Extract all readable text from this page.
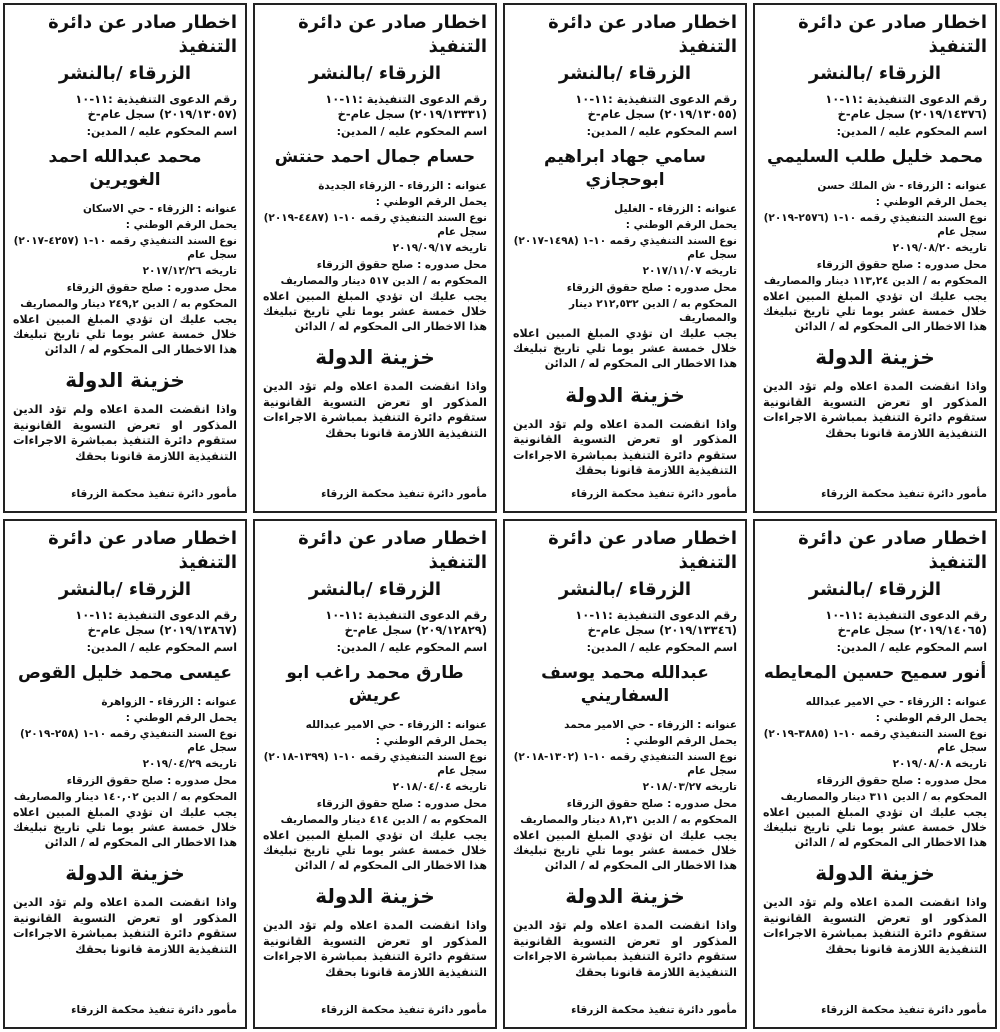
اخطار صادر عن دائرة التنفيذ
الزرقاء /بالنشر
رقم الدعوى التنفيذية :١١-١٠ (٢٠١٩/١٣٠٥٧) سجل عام-خ
اسم المحكوم عليه / المدين:
محمد عبدالله احمد الغويرين
عنوانه : الزرقاء - حي الاسكان
يحمل الرقم الوطني :
نوع السند التنفيذي رقمه ١٠-١ (٤٢٥٧-٢٠١٧) سجل عام
تاريخه ٢٠١٧/١٢/٢٦
محل صدوره : صلح حقوق الزرقاء
المحكوم به / الدين ٢٤٩,٢ دينار والمصاريف
يجب عليك ان تؤدي المبلغ المبين اعلاه خلال خمسة عشر يوما تلي تاريخ تبليغك هذا الاخطار الى المحكوم له / الدائن
خزينة الدولة
واذا انقضت المدة اعلاه ولم تؤد الدين المذكور او تعرض التسوية القانونية ستقوم دائرة التنفيذ بمباشرة الاجراءات التنفيذية اللازمة قانونا بحقك
مأمور دائرة تنفيذ محكمة الزرقاء
اخطار صادر عن دائرة التنفيذ
الزرقاء /بالنشر
رقم الدعوى التنفيذية :١١-١٠ (٢٠١٩/١٣٣٣١) سجل عام-خ
اسم المحكوم عليه / المدين:
حسام جمال احمد حنتش
عنوانه : الزرقاء - الزرقاء الجديدة
يحمل الرقم الوطني :
نوع السند التنفيذي رقمه ١٠-١ (٤٤٨٧-٢٠١٩) سجل عام
تاريخه ٢٠١٩/٠٩/١٧
محل صدوره : صلح حقوق الزرقاء
المحكوم به / الدين ٥١٧ دينار والمصاريف
يجب عليك ان تؤدي المبلغ المبين اعلاه خلال خمسة عشر يوما تلي تاريخ تبليغك هذا الاخطار الى المحكوم له / الدائن
خزينة الدولة
واذا انقضت المدة اعلاه ولم تؤد الدين المذكور او تعرض التسوية القانونية ستقوم دائرة التنفيذ بمباشرة الاجراءات التنفيذية اللازمة قانونا بحقك
مأمور دائرة تنفيذ محكمة الزرقاء
اخطار صادر عن دائرة التنفيذ
الزرقاء /بالنشر
رقم الدعوى التنفيذية :١١-١٠ (٢٠١٩/١٣٠٥٥) سجل عام-خ
اسم المحكوم عليه / المدين:
سامي جهاد ابراهيم ابوحجازي
عنوانه : الزرقاء - الغليل
يحمل الرقم الوطني :
نوع السند التنفيذي رقمه ١٠-١ (١٤٩٨-٢٠١٧) سجل عام
تاريخه ٢٠١٧/١١/٠٧
محل صدوره : صلح حقوق الزرقاء
المحكوم به / الدين ٢١٢,٥٣٢ دينار والمصاريف
يجب عليك ان تؤدي المبلغ المبين اعلاه خلال خمسة عشر يوما تلي تاريخ تبليغك هذا الاخطار الى المحكوم له / الدائن
خزينة الدولة
واذا انقضت المدة اعلاه ولم تؤد الدين المذكور او تعرض التسوية القانونية ستقوم دائرة التنفيذ بمباشرة الاجراءات التنفيذية اللازمة قانونا بحقك
مأمور دائرة تنفيذ محكمة الزرقاء
اخطار صادر عن دائرة التنفيذ
الزرقاء /بالنشر
رقم الدعوى التنفيذية :١١-١٠ (٢٠١٩/١٤٣٧٦) سجل عام-خ
اسم المحكوم عليه / المدين:
محمد خليل طلب السليمي
عنوانه : الزرقاء - ش الملك حسن
يحمل الرقم الوطني :
نوع السند التنفيذي رقمه ١٠-١ (٢٥٧٦-٢٠١٩) سجل عام
تاريخه ٢٠١٩/٠٨/٢٠
محل صدوره : صلح حقوق الزرقاء
المحكوم به / الدين ١١٣,٢٤ دينار والمصاريف
يجب عليك ان تؤدي المبلغ المبين اعلاه خلال خمسة عشر يوما تلي تاريخ تبليغك هذا الاخطار الى المحكوم له / الدائن
خزينة الدولة
واذا انقضت المدة اعلاه ولم تؤد الدين المذكور او تعرض التسوية القانونية ستقوم دائرة التنفيذ بمباشرة الاجراءات التنفيذية اللازمة قانونا بحقك
مأمور دائرة تنفيذ محكمة الزرقاء
اخطار صادر عن دائرة التنفيذ
الزرقاء /بالنشر
رقم الدعوى التنفيذية :١١-١٠ (٢٠١٩/١٣٨٦٧) سجل عام-خ
اسم المحكوم عليه / المدين:
عيسى محمد خليل القوص
عنوانه : الزرقاء - الزواهرة
يحمل الرقم الوطني :
نوع السند التنفيذي رقمه ١٠-١ (٢٥٨-٢٠١٩) سجل عام
تاريخه ٢٠١٩/٠٤/٢٩
محل صدوره : صلح حقوق الزرقاء
المحكوم به / الدين ١٤٠,٠٢ دينار والمصاريف
يجب عليك ان تؤدي المبلغ المبين اعلاه خلال خمسة عشر يوما تلي تاريخ تبليغك هذا الاخطار الى المحكوم له / الدائن
خزينة الدولة
واذا انقضت المدة اعلاه ولم تؤد الدين المذكور او تعرض التسوية القانونية ستقوم دائرة التنفيذ بمباشرة الاجراءات التنفيذية اللازمة قانونا بحقك
مأمور دائرة تنفيذ محكمة الزرقاء
اخطار صادر عن دائرة التنفيذ
الزرقاء /بالنشر
رقم الدعوى التنفيذية :١١-١٠ (٢٠٩/١٢٨٢٩) سجل عام-خ
اسم المحكوم عليه / المدين:
طارق محمد راغب ابو عريش
عنوانه : الزرقاء - حي الامير عبدالله
يحمل الرقم الوطني :
نوع السند التنفيذي رقمه ١٠-١ (١٣٩٩-٢٠١٨) سجل عام
تاريخه ٢٠١٨/٠٤/٠٤
محل صدوره : صلح حقوق الزرقاء
المحكوم به / الدين ٤١٤ دينار والمصاريف
يجب عليك ان تؤدي المبلغ المبين اعلاه خلال خمسة عشر يوما تلي تاريخ تبليغك هذا الاخطار الى المحكوم له / الدائن
خزينة الدولة
واذا انقضت المدة اعلاه ولم تؤد الدين المذكور او تعرض التسوية القانونية ستقوم دائرة التنفيذ بمباشرة الاجراءات التنفيذية اللازمة قانونا بحقك
مأمور دائرة تنفيذ محكمة الزرقاء
اخطار صادر عن دائرة التنفيذ
الزرقاء /بالنشر
رقم الدعوى التنفيذية :١١-١٠ (٢٠١٩/١٣٣٤٦) سجل عام-خ
اسم المحكوم عليه / المدين:
عبدالله محمد يوسف السفاريني
عنوانه : الزرقاء - حي الامير محمد
يحمل الرقم الوطني :
نوع السند التنفيذي رقمه ١٠-١ (١٣٠٢-٢٠١٨) سجل عام
تاريخه ٢٠١٨/٠٣/٢٧
محل صدوره : صلح حقوق الزرقاء
المحكوم به / الدين ٨١,٣١ دينار والمصاريف
يجب عليك ان تؤدي المبلغ المبين اعلاه خلال خمسة عشر يوما تلي تاريخ تبليغك هذا الاخطار الى المحكوم له / الدائن
خزينة الدولة
واذا انقضت المدة اعلاه ولم تؤد الدين المذكور او تعرض التسوية القانونية ستقوم دائرة التنفيذ بمباشرة الاجراءات التنفيذية اللازمة قانونا بحقك
مأمور دائرة تنفيذ محكمة الزرقاء
اخطار صادر عن دائرة التنفيذ
الزرقاء /بالنشر
رقم الدعوى التنفيذية :١١-١٠ (٢٠١٩/١٤٠٦٥) سجل عام-خ
اسم المحكوم عليه / المدين:
أنور سميح حسين المعايطه
عنوانه : الزرقاء - حي الامير عبدالله
يحمل الرقم الوطني :
نوع السند التنفيذي رقمه ١٠-١ (٣٨٨٥-٢٠١٩) سجل عام
تاريخه ٢٠١٩/٠٨/٠٨
محل صدوره : صلح حقوق الزرقاء
المحكوم به / الدين ٣١١ دينار والمصاريف
يجب عليك ان تؤدي المبلغ المبين اعلاه خلال خمسة عشر يوما تلي تاريخ تبليغك هذا الاخطار الى المحكوم له / الدائن
خزينة الدولة
واذا انقضت المدة اعلاه ولم تؤد الدين المذكور او تعرض التسوية القانونية ستقوم دائرة التنفيذ بمباشرة الاجراءات التنفيذية اللازمة قانونا بحقك
مأمور دائرة تنفيذ محكمة الزرقاء
